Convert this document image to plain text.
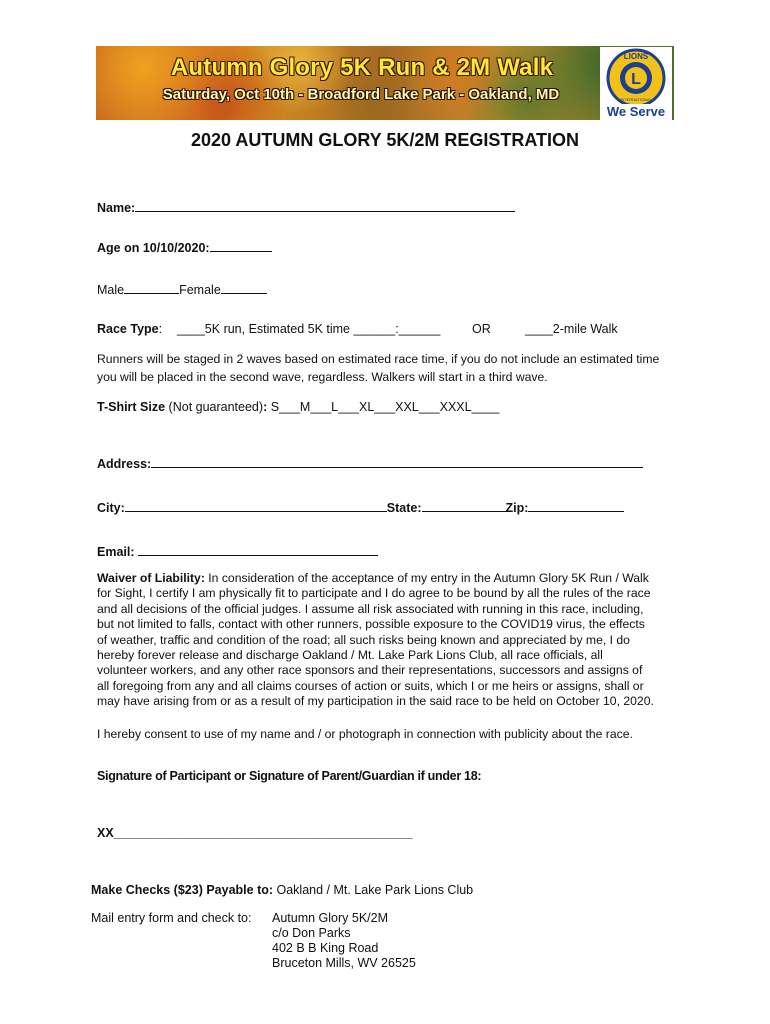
Autumn Glory 5K Run & 2M Walk
Saturday, Oct 10th - Broadford Lake Park - Oakland, MD
L
LIONS
INTERNATIONAL
We Serve
2020 AUTUMN GLORY 5K/2M REGISTRATION
Name:
Age on 10/10/2020:
Male	Female
Race Type: ____5K run, Estimated 5K time ______:______	OR	____2-mile Walk
Runners will be staged in 2 waves based on estimated race time, if you do not include an estimated time
you will be placed in the second wave, regardless. Walkers will start in a third wave.
T-Shirt Size (Not guaranteed): S___M___L___XL___XXL___XXXL____
Address:
City:	State:	Zip:
Email:
Waiver of Liability: In consideration of the acceptance of my entry in the Autumn Glory 5K Run / Walk
for Sight, I certify I am physically fit to participate and I do agree to be bound by all the rules of the race
and all decisions of the official judges. I assume all risk associated with running in this race, including,
but not limited to falls, contact with other runners, possible exposure to the COVID19 virus, the effects
of weather, traffic and condition of the road; all such risks being known and appreciated by me, I do
hereby forever release and discharge Oakland / Mt. Lake Park Lions Club, all race officials, all
volunteer workers, and any other race sponsors and their representations, successors and assigns of
all foregoing from any and all claims courses of action or suits, which I or me heirs or assigns, shall or
may have arising from or as a result of my participation in the said race to be held on October 10, 2020.
I hereby consent to use of my name and / or photograph in connection with publicity about the race.
Signature of Participant or Signature of Parent/Guardian if under 18:
XX___________________________________________
Make Checks ($23) Payable to: Oakland / Mt. Lake Park Lions Club
Mail entry form and check to: Autumn Glory 5K/2M
c/o Don Parks
402 B B King Road
Bruceton Mills, WV 26525
